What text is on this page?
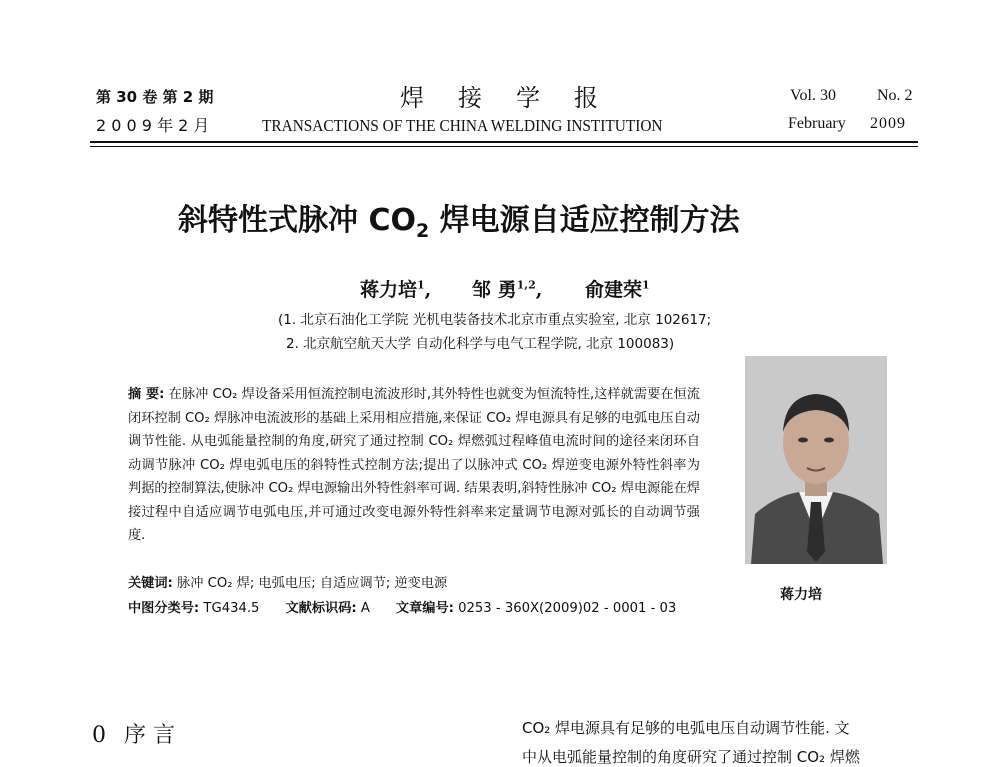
第 30 卷 第 2 期
2 0 0 9 年 2 月
焊接学报
TRANSACTIONS OF THE CHINA WELDING INSTITUTION
Vol. 30	No. 2
February 2009
斜特性式脉冲 $CO_2$ 焊电源自适应控制方法
蒋力培$^1$, 邹 勇$^{1,2}$, 俞建荣$^1$
(1. 北京石油化工学院 光机电装备技术北京市重点实验室, 北京 102617;
2. 北京航空航天大学 自动化科学与电气工程学院, 北京 100083)

摘 要: 在脉冲 CO₂ 焊设备采用恒流控制电流波形时,其外特性也就变为恒流特性,这样就需要在恒流闭环控制 CO₂ 焊脉冲电流波形的基础上采用相应措施,来保证 CO₂ 焊电源具有足够的电弧电压自动调节性能. 从电弧能量控制的角度,研究了通过控制 CO₂ 焊燃弧过程峰值电流时间的途径来闭环自动调节脉冲 CO₂ 焊电弧电压的斜特性式控制方法;提出了以脉冲式 CO₂ 焊逆变电源外特性斜率为判据的控制算法,使脉冲 CO₂ 焊电源输出外特性斜率可调. 结果表明,斜特性脉冲 CO₂ 焊电源能在焊接过程中自适应调节电弧电压,并可通过改变电源外特性斜率来定量调节电源对弧长的自动调节强度.

关键词: 脉冲 CO₂ 焊; 电弧电压; 自适应调节; 逆变电源
中图分类号: TG434.5 文献标识码: A 文章编号: 0253 - 360X(2009)02 - 0001 - 03
蒋力培
0 序 言	CO₂ 焊电源具有足够的电弧电压自动调节性能. 文
中从电弧能量控制的角度研究了通过控制 CO₂ 焊燃
